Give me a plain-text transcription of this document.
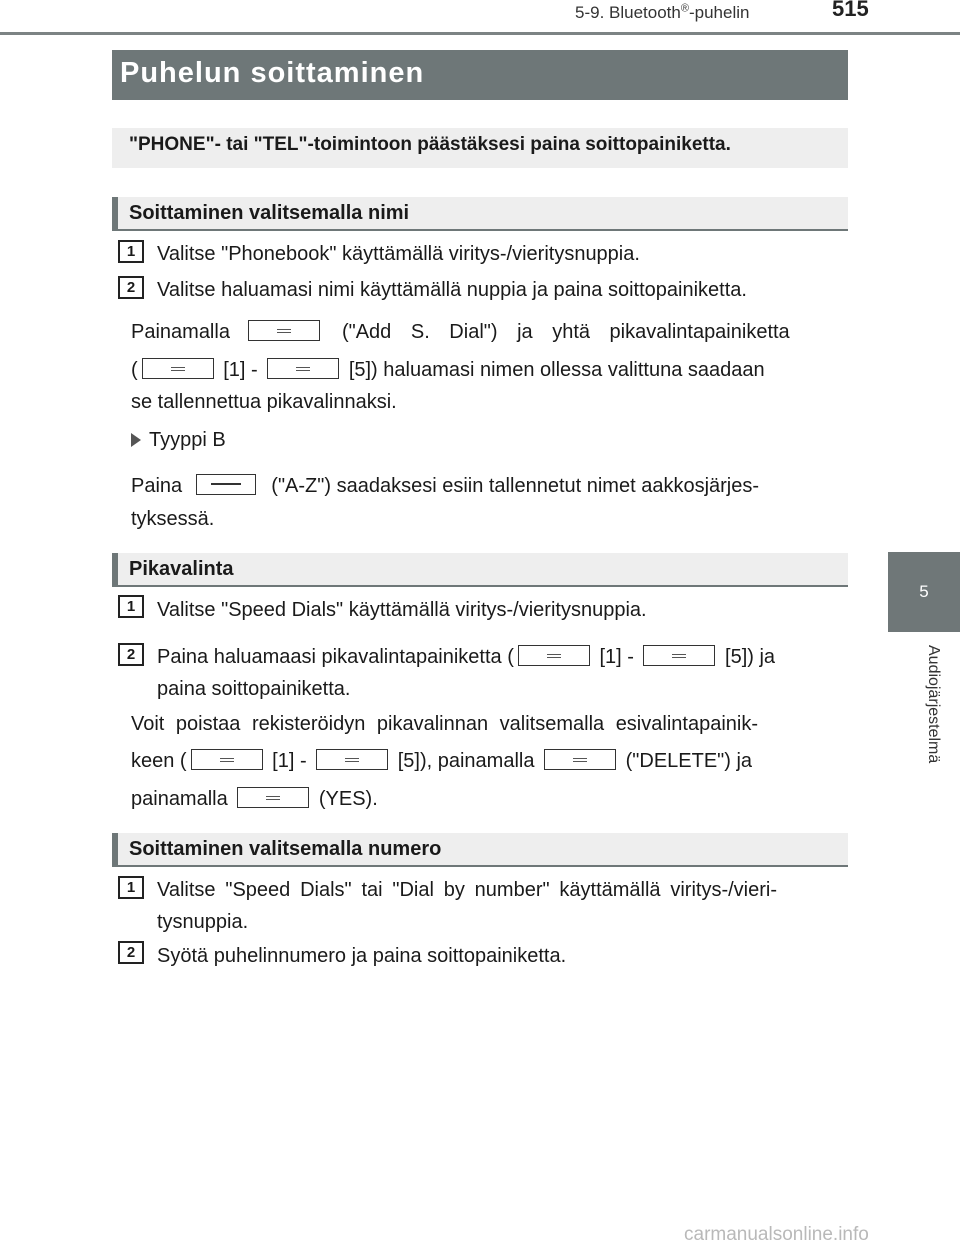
5-9. Bluetooth®-puhelin	515
5
Audiojärjestelmä
Puhelun soittaminen
"PHONE"- tai "TEL"-toimintoon päästäksesi paina soittopainiketta.
Soittaminen valitsemalla nimi
1	Valitse "Phonebook" käyttämällä viritys-/vieritysnuppia.
2	Valitse haluamasi nimi käyttämällä nuppia ja paina soittopainiketta.
Painamalla	("Add S. Dial") ja yhtä pikavalintapainiketta
(	[1] -	[5]) haluamasi nimen ollessa valittuna saadaan
se tallennettua pikavalinnaksi.
Tyyppi B
Paina	("A-Z") saadaksesi esiin tallennetut nimet aakkosjärjes-
tyksessä.
Pikavalinta
1	Valitse "Speed Dials" käyttämällä viritys-/vieritysnuppia.
2	Paina haluamaasi pikavalintapainiketta (	[1] -	[5]) ja
paina soittopainiketta.
Voit poistaa rekisteröidyn pikavalinnan valitsemalla esivalintapainik-
keen (	[1] -	[5]), painamalla	("DELETE") ja
painamalla	(YES).
Soittaminen valitsemalla numero
1	Valitse "Speed Dials" tai "Dial by number" käyttämällä viritys-/vieri-tysnuppia.
2	Syötä puhelinnumero ja paina soittopainiketta.
carmanualsonline.info
